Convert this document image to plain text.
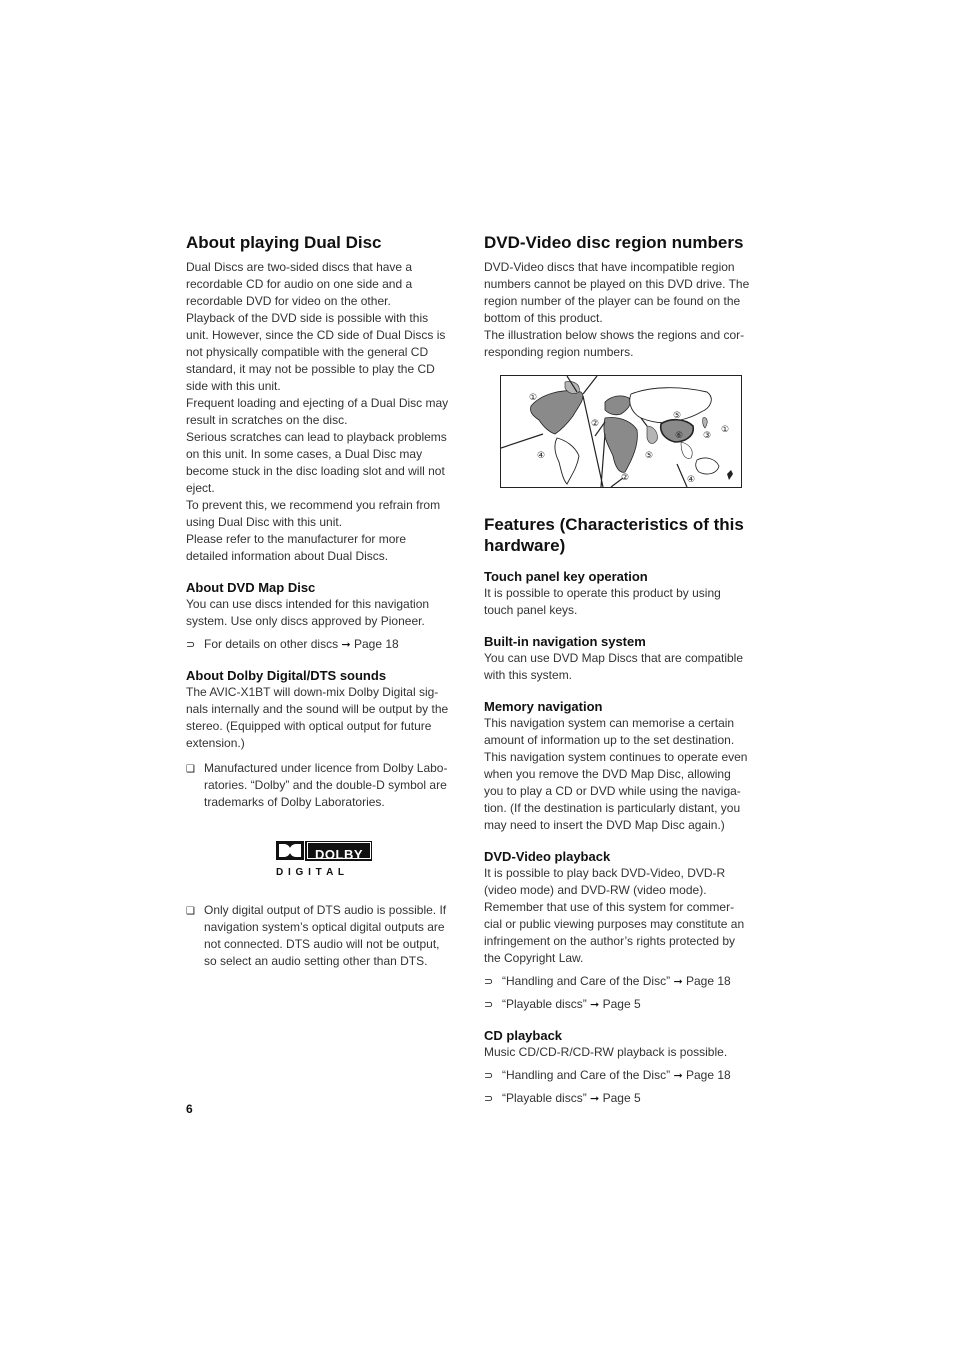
About playing Dual Disc

Dual Discs are two-sided discs that have a
recordable CD for audio on one side and a
recordable DVD for video on the other.
Playback of the DVD side is possible with this
unit. However, since the CD side of Dual Discs is
not physically compatible with the general CD
standard, it may not be possible to play the CD
side with this unit.
Frequent loading and ejecting of a Dual Disc may
result in scratches on the disc.
Serious scratches can lead to playback problems
on this unit. In some cases, a Dual Disc may
become stuck in the disc loading slot and will not
eject.
To prevent this, we recommend you refrain from
using Dual Disc with this unit.
Please refer to the manufacturer for more
detailed information about Dual Discs.

About DVD Map Disc

You can use discs intended for this navigation
system. Use only discs approved by Pioneer.

⊃ For details on other discs ➞ Page 18
About Dolby Digital/DTS sounds

The AVIC-X1BT will down-mix Dolby Digital sig-
nals internally and the sound will be output by the
stereo. (Equipped with optical output for future
extension.)

❑ Manufactured under licence from Dolby Labo-
ratories. “Dolby” and the double-D symbol are
trademarks of Dolby Laboratories.
DOLBY
D I G I T A L
❑ Only digital output of DTS audio is possible. If
navigation system’s optical digital outputs are
not connected. DTS audio will not be output,
so select an audio setting other than DTS.
DVD-Video disc region numbers

DVD-Video discs that have incompatible region
numbers cannot be played on this DVD drive. The
region number of the player can be found on the
bottom of this product.
The illustration below shows the regions and cor-
responding region numbers.

①
②
⑤
⑥ ③
①
④	⑤
②	④
Features (Characteristics of this
hardware)
Touch panel key operation

It is possible to operate this product by using
touch panel keys.

Built-in navigation system

You can use DVD Map Discs that are compatible
with this system.

Memory navigation

This navigation system can memorise a certain
amount of information up to the set destination.
This navigation system continues to operate even
when you remove the DVD Map Disc, allowing
you to play a CD or DVD while using the naviga-
tion. (If the destination is particularly distant, you
may need to insert the DVD Map Disc again.)

DVD-Video playback

It is possible to play back DVD-Video, DVD-R
(video mode) and DVD-RW (video mode).
Remember that use of this system for commer-
cial or public viewing purposes may constitute an
infringement on the author’s rights protected by
the Copyright Law.

⊃ “Handling and Care of the Disc” ➞ Page 18
⊃ “Playable discs” ➞ Page 5
CD playback

Music CD/CD-R/CD-RW playback is possible.

⊃ “Handling and Care of the Disc” ➞ Page 18
⊃ “Playable discs” ➞ Page 5
6
